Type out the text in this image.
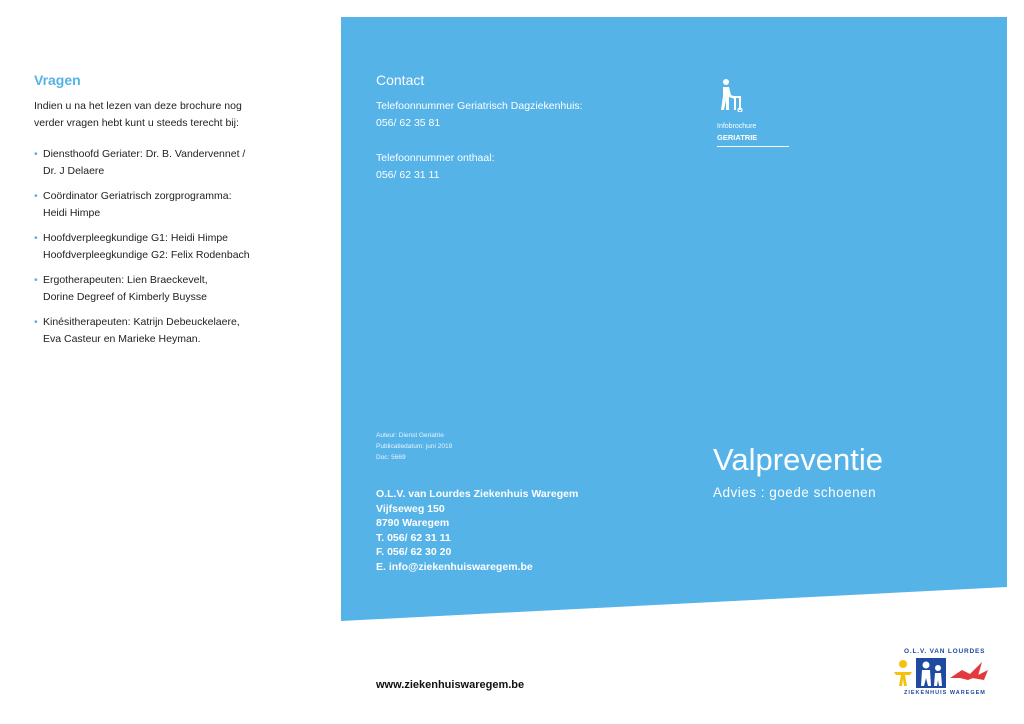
Vragen

Indien u na het lezen van deze brochure nog verder vragen hebt kunt u steeds terecht bij:

• Diensthoofd Geriater: Dr. B. Vandervennet /
Dr. J Delaere
• Coördinator Geriatrisch zorgprogramma:
Heidi Himpe
• Hoofdverpleegkundige G1: Heidi Himpe
Hoofdverpleegkundige G2: Felix Rodenbach
• Ergotherapeuten: Lien Braeckevelt,
Dorine Degreef of Kimberly Buysse
• Kinésitherapeuten: Katrijn Debeuckelaere,
Eva Casteur en Marieke Heyman.
Contact
Telefoonnummer Geriatrisch Dagziekenhuis:
056/ 62 35 81
Telefoonnummer onthaal:
056/ 62 31 11
Infobrochure
GERIATRIE
Auteur: Dienst Geriatrie
Publicatiedatum: juni 2019
Doc: 5669
O.L.V. van Lourdes Ziekenhuis Waregem
Vijfseweg 150
8790 Waregem
T. 056/ 62 31 11
F. 056/ 62 30 20
E. info@ziekenhuiswaregem.be
Valpreventie
Advies : goede schoenen
www.ziekenhuiswaregem.be
O.L.V. VAN LOURDES
ZIEKENHUIS WAREGEM
